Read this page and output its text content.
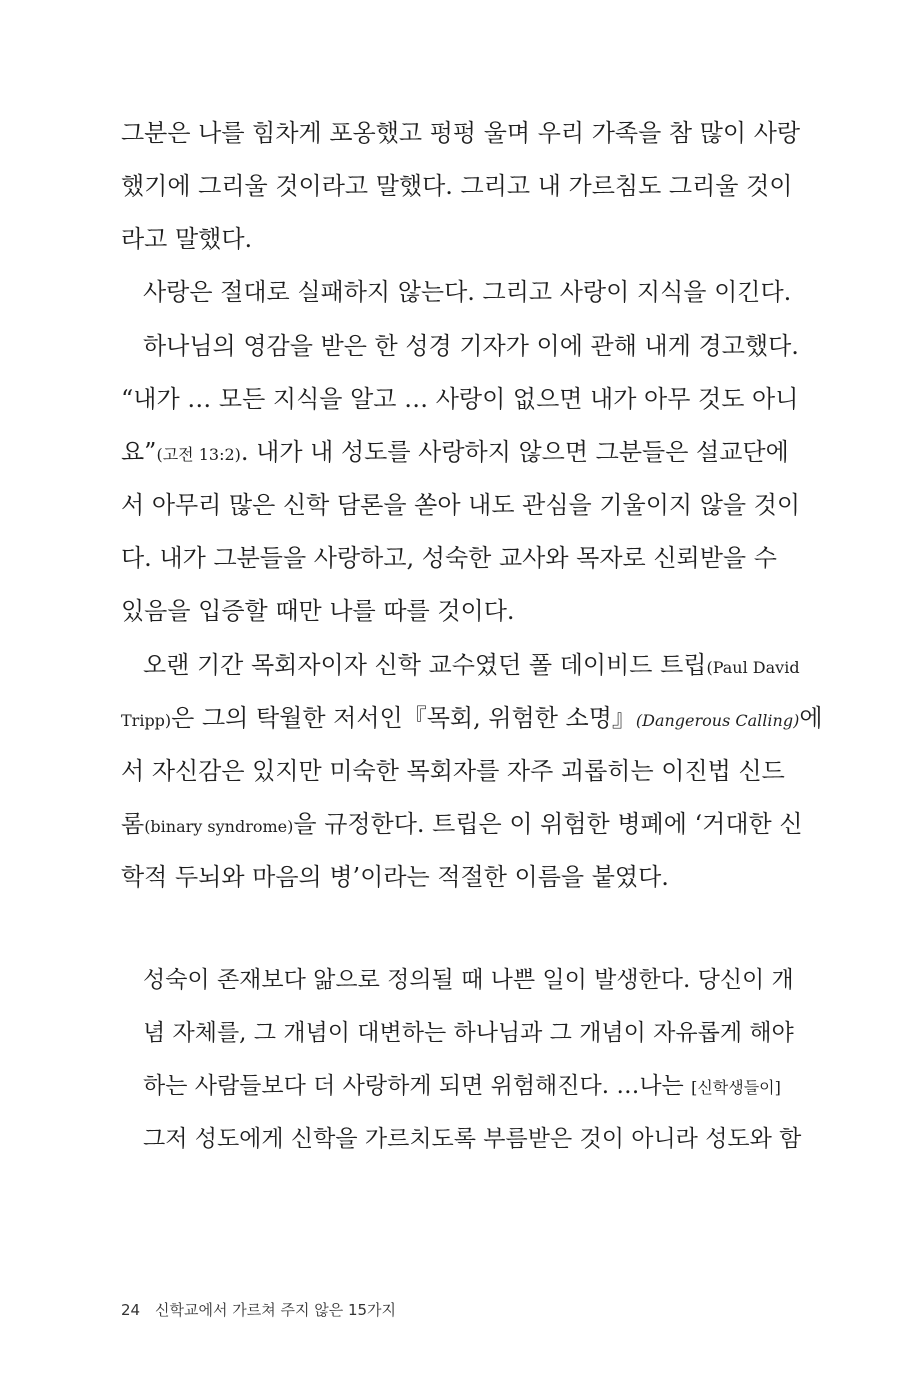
그분은 나를 힘차게 포옹했고 펑펑 울며 우리 가족을 참 많이 사랑
했기에 그리울 것이라고 말했다. 그리고 내 가르침도 그리울 것이
라고 말했다.
사랑은 절대로 실패하지 않는다. 그리고 사랑이 지식을 이긴다.
하나님의 영감을 받은 한 성경 기자가 이에 관해 내게 경고했다.
“내가 … 모든 지식을 알고 … 사랑이 없으면 내가 아무 것도 아니
요”(고전 13:2). 내가 내 성도를 사랑하지 않으면 그분들은 설교단에
서 아무리 많은 신학 담론을 쏟아 내도 관심을 기울이지 않을 것이
다. 내가 그분들을 사랑하고, 성숙한 교사와 목자로 신뢰받을 수
있음을 입증할 때만 나를 따를 것이다.
오랜 기간 목회자이자 신학 교수였던 폴 데이비드 트립(Paul David
Tripp)은 그의 탁월한 저서인『목회, 위험한 소명』(Dangerous Calling)에
서 자신감은 있지만 미숙한 목회자를 자주 괴롭히는 이진법 신드
롬(binary syndrome)을 규정한다. 트립은 이 위험한 병폐에 ‘거대한 신
학적 두뇌와 마음의 병’이라는 적절한 이름을 붙였다.
성숙이 존재보다 앎으로 정의될 때 나쁜 일이 발생한다. 당신이 개
념 자체를, 그 개념이 대변하는 하나님과 그 개념이 자유롭게 해야
하는 사람들보다 더 사랑하게 되면 위험해진다. …나는 [신학생들이]
그저 성도에게 신학을 가르치도록 부름받은 것이 아니라 성도와 함
24 신학교에서 가르쳐 주지 않은 15가지
